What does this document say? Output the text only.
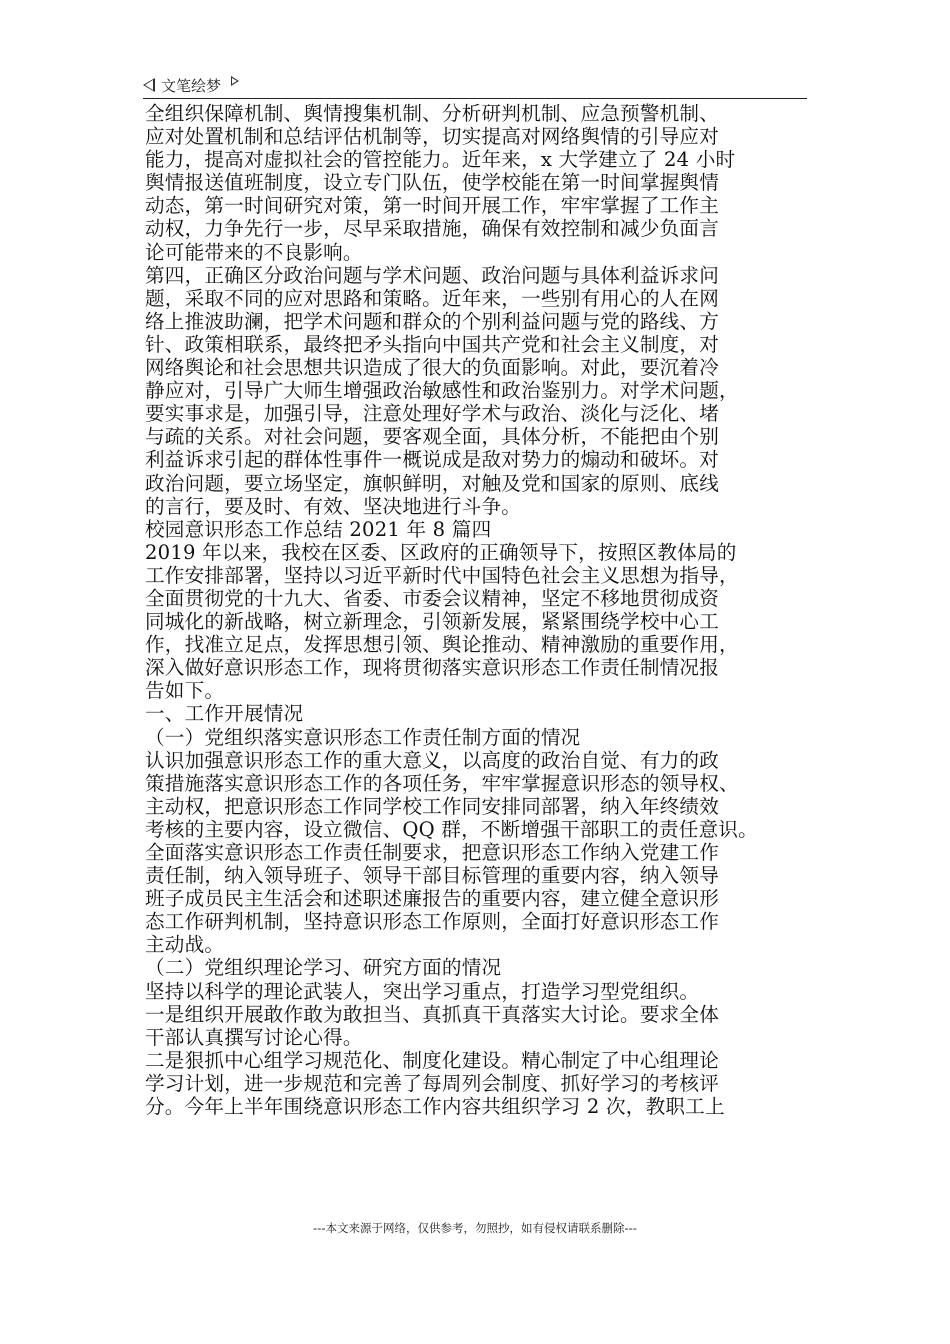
文笔绘梦

全组织保障机制、舆情搜集机制、分析研判机制、应急预警机制、
应对处置机制和总结评估机制等，切实提高对网络舆情的引导应对
能力，提高对虚拟社会的管控能力。近年来，x 大学建立了 24 小时
舆情报送值班制度，设立专门队伍，使学校能在第一时间掌握舆情
动态，第一时间研究对策，第一时间开展工作，牢牢掌握了工作主
动权，力争先行一步，尽早采取措施，确保有效控制和减少负面言
论可能带来的不良影响。

第四，正确区分政治问题与学术问题、政治问题与具体利益诉求问
题，采取不同的应对思路和策略。近年来，一些别有用心的人在网
络上推波助澜，把学术问题和群众的个别利益问题与党的路线、方
针、政策相联系，最终把矛头指向中国共产党和社会主义制度，对
网络舆论和社会思想共识造成了很大的负面影响。对此，要沉着冷
静应对，引导广大师生增强政治敏感性和政治鉴别力。对学术问题，
要实事求是，加强引导，注意处理好学术与政治、淡化与泛化、堵
与疏的关系。对社会问题，要客观全面，具体分析，不能把由个别
利益诉求引起的群体性事件一概说成是敌对势力的煽动和破坏。对
政治问题，要立场坚定，旗帜鲜明，对触及党和国家的原则、底线
的言行，要及时、有效、坚决地进行斗争。

校园意识形态工作总结 2021 年 8 篇四

2019 年以来，我校在区委、区政府的正确领导下，按照区教体局的
工作安排部署，坚持以习近平新时代中国特色社会主义思想为指导，
全面贯彻党的十九大、省委、市委会议精神，坚定不移地贯彻成资
同城化的新战略，树立新理念，引领新发展，紧紧围绕学校中心工
作，找准立足点，发挥思想引领、舆论推动、精神激励的重要作用，
深入做好意识形态工作，现将贯彻落实意识形态工作责任制情况报
告如下。

一、工作开展情况

（一）党组织落实意识形态工作责任制方面的情况

认识加强意识形态工作的重大意义，以高度的政治自觉、有力的政
策措施落实意识形态工作的各项任务，牢牢掌握意识形态的领导权、
主动权，把意识形态工作同学校工作同安排同部署，纳入年终绩效
考核的主要内容，设立微信、QQ 群，不断增强干部职工的责任意识。
全面落实意识形态工作责任制要求，把意识形态工作纳入党建工作
责任制，纳入领导班子、领导干部目标管理的重要内容，纳入领导
班子成员民主生活会和述职述廉报告的重要内容，建立健全意识形
态工作研判机制，坚持意识形态工作原则，全面打好意识形态工作
主动战。

（二）党组织理论学习、研究方面的情况

坚持以科学的理论武装人，突出学习重点，打造学习型党组织。

一是组织开展敢作敢为敢担当、真抓真干真落实大讨论。要求全体
干部认真撰写讨论心得。

二是狠抓中心组学习规范化、制度化建设。精心制定了中心组理论
学习计划，进一步规范和完善了每周列会制度、抓好学习的考核评
分。今年上半年围绕意识形态工作内容共组织学习 2 次，教职工上

---本文来源于网络，仅供参考，勿照抄，如有侵权请联系删除---
